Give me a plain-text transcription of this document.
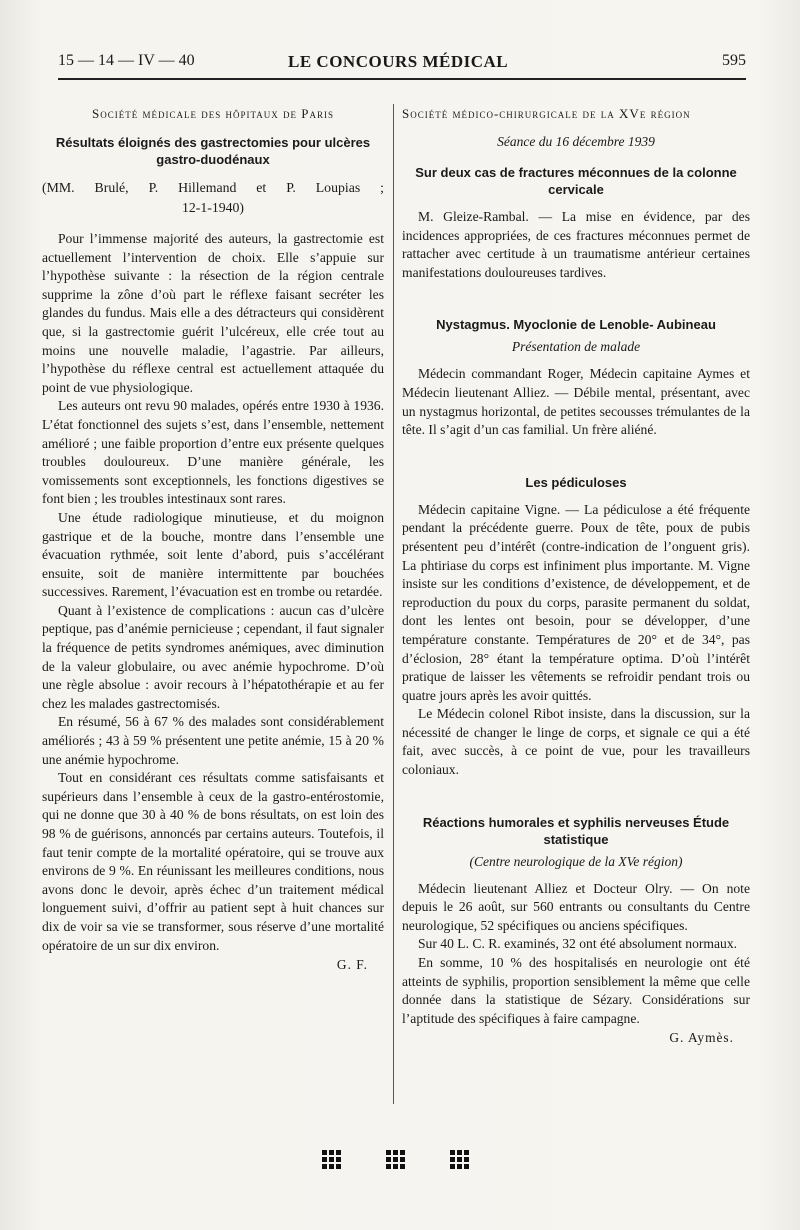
15 — 14 — IV — 40	LE CONCOURS MÉDICAL	595
Société médicale des hôpitaux de Paris
Résultats éloignés des gastrectomies pour ulcères gastro-duodénaux
(MM. Brulé, P. Hillemand et P. Loupias ;
12-1-1940)

Pour l’immense majorité des auteurs, la gastrectomie est actuellement l’intervention de choix. Elle s’appuie sur l’hypothèse suivante : la résection de la région centrale supprime la zône d’où part le réflexe faisant secréter les glandes du fundus. Mais elle a des détracteurs qui considèrent que, si la gastrectomie guérit l’ulcéreux, elle crée tout au moins une nouvelle maladie, l’agastrie. Par ailleurs, l’hypothèse du réflexe central est actuellement attaquée du point de vue physiologique.

Les auteurs ont revu 90 malades, opérés entre 1930 à 1936. L’état fonctionnel des sujets s’est, dans l’ensemble, nettement amélioré ; une faible proportion d’entre eux présente quelques troubles douloureux. D’une manière générale, les vomissements sont exceptionnels, les fonctions digestives se font bien ; les troubles intestinaux sont rares.

Une étude radiologique minutieuse, et du moignon gastrique et de la bouche, montre dans l’ensemble une évacuation rythmée, soit lente d’abord, puis s’accélérant ensuite, soit de manière intermittente par bouchées successives. Rarement, l’évacuation est en trombe ou retardée.

Quant à l’existence de complications : aucun cas d’ulcère peptique, pas d’anémie pernicieuse ; cependant, il faut signaler la fréquence de petits syndromes anémiques, avec diminution de la valeur globulaire, ou avec anémie hypochrome. D’où une règle absolue : avoir recours à l’hépatothérapie et au fer chez les malades gastrectomisés.

En résumé, 56 à 67 % des malades sont considérablement améliorés ; 43 à 59 % présentent une petite anémie, 15 à 20 % une anémie hypochrome.

Tout en considérant ces résultats comme satisfaisants et supérieurs dans l’ensemble à ceux de la gastro-entérostomie, qui ne donne que 30 à 40 % de bons résultats, on est loin des 98 % de guérisons, annoncés par certains auteurs. Toutefois, il faut tenir compte de la mortalité opératoire, qui se trouve aux environs de 9 %. En réunissant les meilleures conditions, nous avons donc le devoir, après échec d’un traitement médical longuement suivi, d’offrir au patient sept à huit chances sur dix de voir sa vie se transformer, sous réserve d’une mortalité opératoire de un sur dix environ.

G. F.
Société médico-chirurgicale de la XVe région
Séance du 16 décembre 1939
Sur deux cas de fractures méconnues de la colonne cervicale

M. Gleize-Rambal. — La mise en évidence, par des incidences appropriées, de ces fractures méconnues permet de rattacher avec certitude à un traumatisme antérieur certaines manifestations douloureuses tardives.

Nystagmus. Myoclonie de Lenoble- Aubineau
Présentation de malade

Médecin commandant Roger, Médecin capitaine Aymes et Médecin lieutenant Alliez. — Débile mental, présentant, avec un nystagmus horizontal, de petites secousses trémulantes de la tête. Il s’agit d’un cas familial. Un frère aliéné.

Les pédiculoses

Médecin capitaine Vigne. — La pédiculose a été fréquente pendant la précédente guerre. Poux de tête, poux de pubis présentent peu d’intérêt (contre-indication de l’onguent gris). La phtiriase du corps est infiniment plus importante. M. Vigne insiste sur les conditions d’existence, de développement, et de reproduction du poux du corps, parasite permanent du soldat, dont les lentes ont besoin, pour se développer, d’une température constante. Températures de 20° et de 34°, pas d’éclosion, 28° étant la température optima. D’où l’intérêt pratique de laisser les vêtements se refroidir pendant trois ou quatre jours après les avoir quittés.

Le Médecin colonel Ribot insiste, dans la discussion, sur la nécessité de changer le linge de corps, et signale ce qui a été fait, avec succès, à ce point de vue, pour les travailleurs coloniaux.

Réactions humorales et syphilis nerveuses Étude statistique
(Centre neurologique de la XVe région)

Médecin lieutenant Alliez et Docteur Olry. — On note depuis le 26 août, sur 560 entrants ou consultants du Centre neurologique, 52 spécifiques ou anciens spécifiques.

Sur 40 L. C. R. examinés, 32 ont été absolument normaux.

En somme, 10 % des hospitalisés en neurologie ont été atteints de syphilis, proportion sensiblement la même que celle donnée dans la statistique de Sézary. Considérations sur l’aptitude des spécifiques à faire campagne.

G. Aymès.
